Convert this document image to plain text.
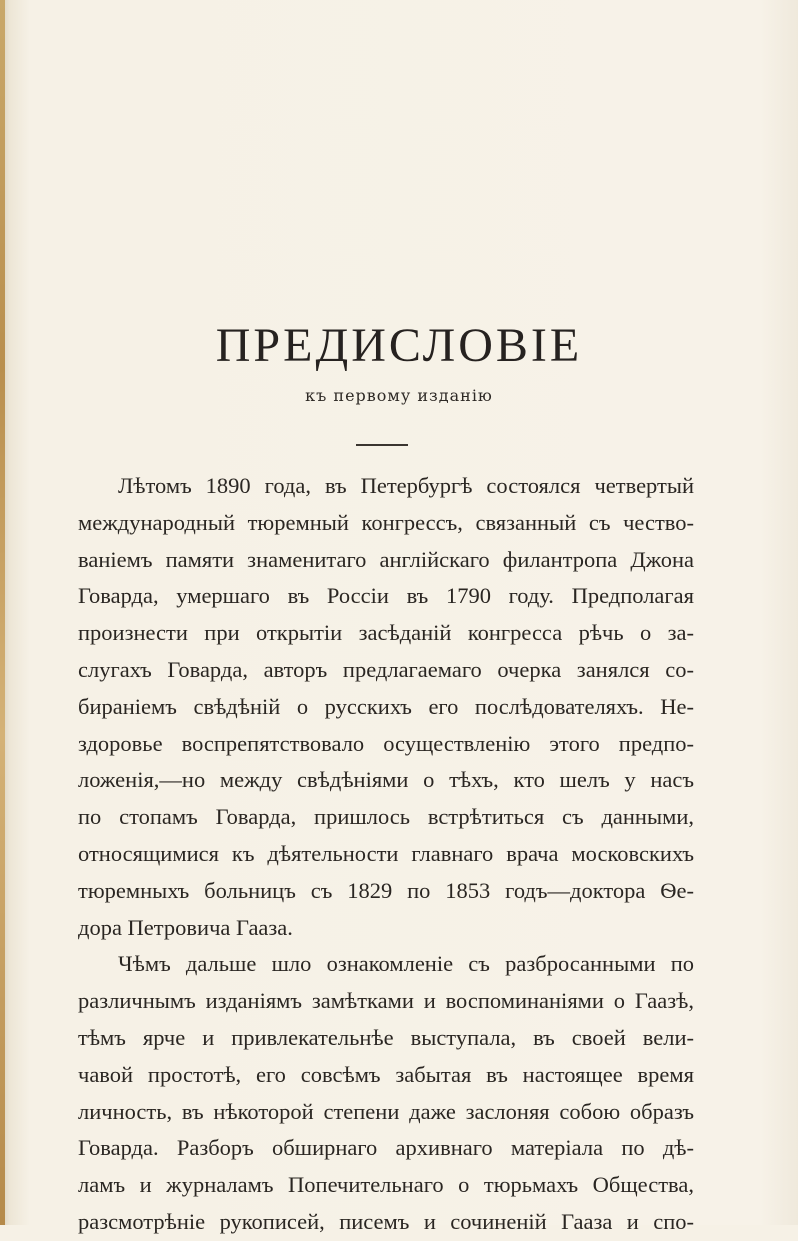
ПРЕДИСЛОВІЕ
къ первому изданію
Лѣтомъ 1890 года, въ Петербургѣ состоялся четвертый
международный тюремный конгрессъ, связанный съ чество-
ваніемъ памяти знаменитаго англійскаго филантропа Джона
Говарда, умершаго въ Россіи въ 1790 году. Предполагая
произнести при открытіи засѣданій конгресса рѣчь о за-
слугахъ Говарда, авторъ предлагаемаго очерка занялся со-
бираніемъ свѣдѣній о русскихъ его послѣдователяхъ. Не-
здоровье воспрепятствовало осуществленію этого предпо-
ложенія,—но между свѣдѣніями о тѣхъ, кто шелъ у насъ
по стопамъ Говарда, пришлось встрѣтиться съ данными,
относящимися къ дѣятельности главнаго врача московскихъ
тюремныхъ больницъ съ 1829 по 1853 годъ—доктора Ѳе-
дора Петровича Гааза.
Чѣмъ дальше шло ознакомленіе съ разбросанными по
различнымъ изданіямъ замѣтками и воспоминаніями о Гаазѣ,
тѣмъ ярче и привлекательнѣе выступала, въ своей вели-
чавой простотѣ, его совсѣмъ забытая въ настоящее время
личность, въ нѣкоторой степени даже заслоняя собою образъ
Говарда. Разборъ обширнаго архивнаго матеріала по дѣ-
ламъ и журналамъ Попечительнаго о тюрьмахъ Общества,
разсмотрѣніе рукописей, писемъ и сочиненій Гааза и спо-
